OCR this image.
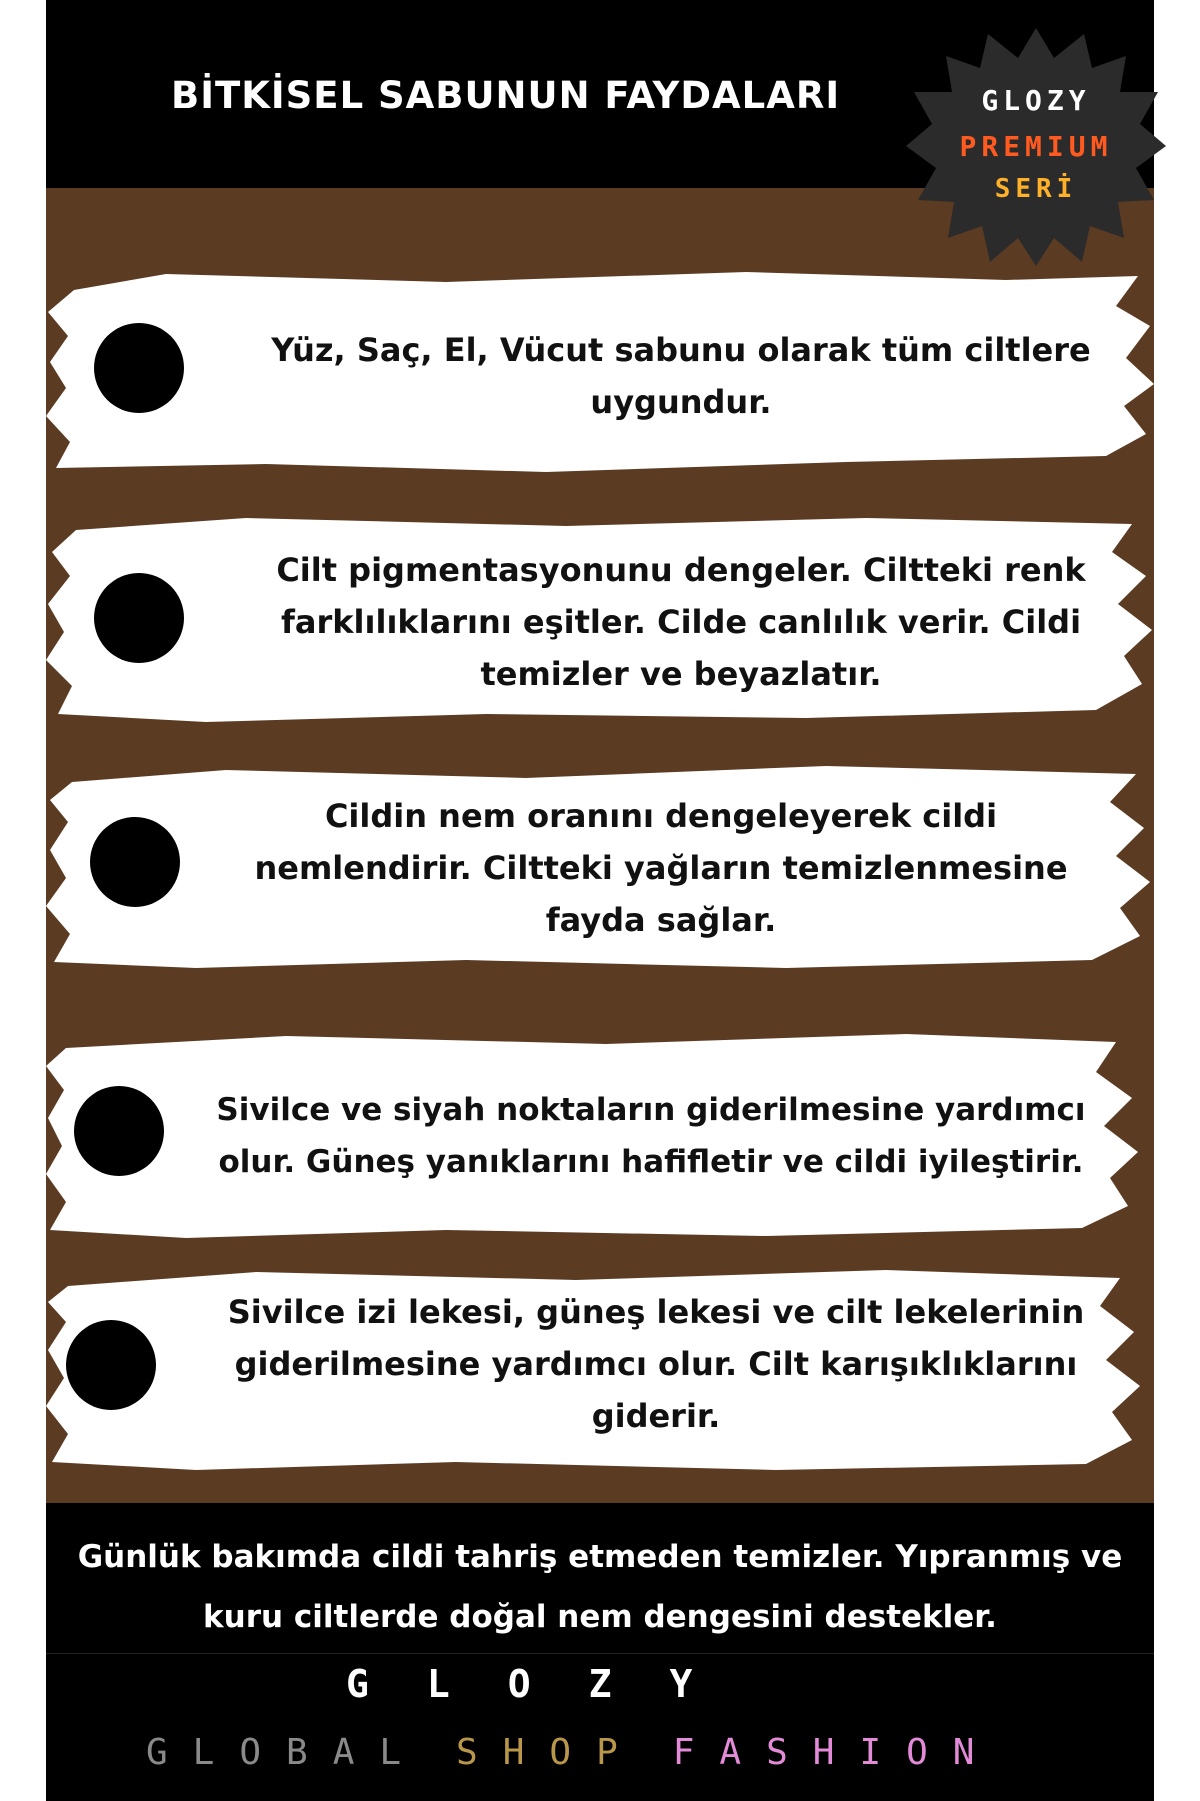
BİTKİSEL SABUNUN FAYDALARI	GLOZY
PREMIUM
SERİ
Yüz, Saç, El, Vücut sabunu olarak tüm ciltlere
uygundur.
Cilt pigmentasyonunu dengeler. Ciltteki renk
farklılıklarını eşitler. Cilde canlılık verir. Cildi
temizler ve beyazlatır.
Cildin nem oranını dengeleyerek cildi
nemlendirir. Ciltteki yağların temizlenmesine
fayda sağlar.
Sivilce ve siyah noktaların giderilmesine yardımcı
olur. Güneş yanıklarını hafifletir ve cildi iyileştirir.
Sivilce izi lekesi, güneş lekesi ve cilt lekelerinin
giderilmesine yardımcı olur. Cilt karışıklıklarını
giderir.
Günlük bakımda cildi tahriş etmeden temizler. Yıpranmış ve
kuru ciltlerde doğal nem dengesini destekler.
GLOZY
GLOBAL SHOP FASHION
